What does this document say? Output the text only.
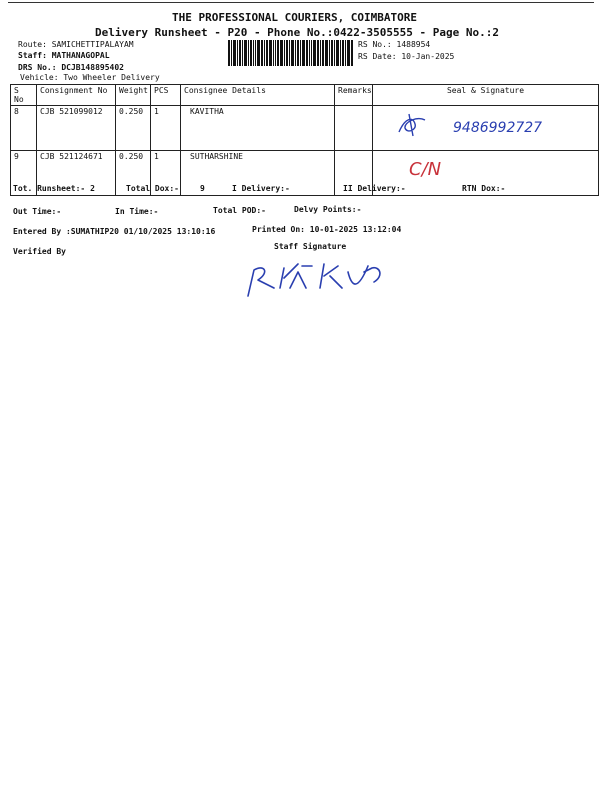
THE PROFESSIONAL COURIERS, COIMBATORE
Delivery Runsheet - P20 - Phone No.:0422-3505555 - Page No.:2
Route: SAMICHETTIPALAYAM
Staff: MATHANAGOPAL
DRS No.: DCJB148895402
Vehicle: Two Wheeler Delivery
RS No.: 1488954
RS Date: 10-Jan-2025
S No	Consignment No	Weight	PCS	Consignee Details	Remarks	Seal & Signature
8	CJB 521099012	0.250	1	KAVITHA		9486992727

9	CJB 521124671	0.250	1	SUTHARSHINE		C/N
Tot. Runsheet:- 2	Total Dox:-	9	I Delivery:-	II Delivery:-	RTN Dox:-
Out Time:-	In Time:-	Total POD:-	Delvy Points:-
Entered By :SUMATHIP20 01/10/2025 13:10:16	Printed On: 10-01-2025 13:12:04
Verified By
Staff Signature
